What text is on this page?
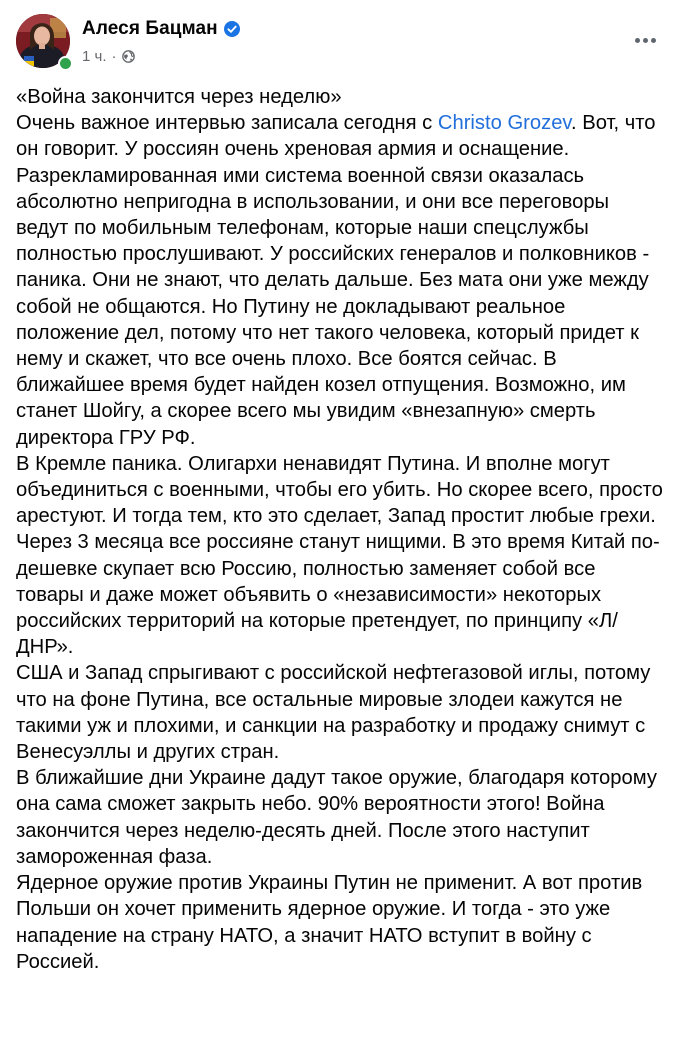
Алеся Бацман
1 ч. ·

«Война закончится через неделю»

Очень важное интервью записала сегодня с Christo Grozev. Вот, что он говорит. У россиян очень хреновая армия и оснащение. Разрекламированная ими система военной связи оказалась абсолютно непригодна в использовании, и они все переговоры ведут по мобильным телефонам, которые наши спецслужбы полностью прослушивают. У российских генералов и полковников - паника. Они не знают, что делать дальше. Без мата они уже между собой не общаются. Но Путину не докладывают реальное положение дел, потому что нет такого человека, который придет к нему и скажет, что все очень плохо. Все боятся сейчас. В ближайшее время будет найден козел отпущения. Возможно, им станет Шойгу, а скорее всего мы увидим «внезапную» смерть директора ГРУ РФ.

В Кремле паника. Олигархи ненавидят Путина. И вполне могут объединиться с военными, чтобы его убить. Но скорее всего, просто арестуют. И тогда тем, кто это сделает, Запад простит любые грехи.

Через 3 месяца все россияне станут нищими. В это время Китай по-дешевке скупает всю Россию, полностью заменяет собой все товары и даже может объявить о «независимости» некоторых российских территорий на которые претендует, по принципу «Л/ДНР».

США и Запад спрыгивают с российской нефтегазовой иглы, потому что на фоне Путина, все остальные мировые злодеи кажутся не такими уж и плохими, и санкции на разработку и продажу снимут с Венесуэллы и других стран.

В ближайшие дни Украине дадут такое оружие, благодаря которому она сама сможет закрыть небо. 90% вероятности этого! Война закончится через неделю-десять дней. После этого наступит замороженная фаза.

Ядерное оружие против Украины Путин не применит. А вот против Польши он хочет применить ядерное оружие. И тогда - это уже нападение на страну НАТО, а значит НАТО вступит в войну с Россией.
